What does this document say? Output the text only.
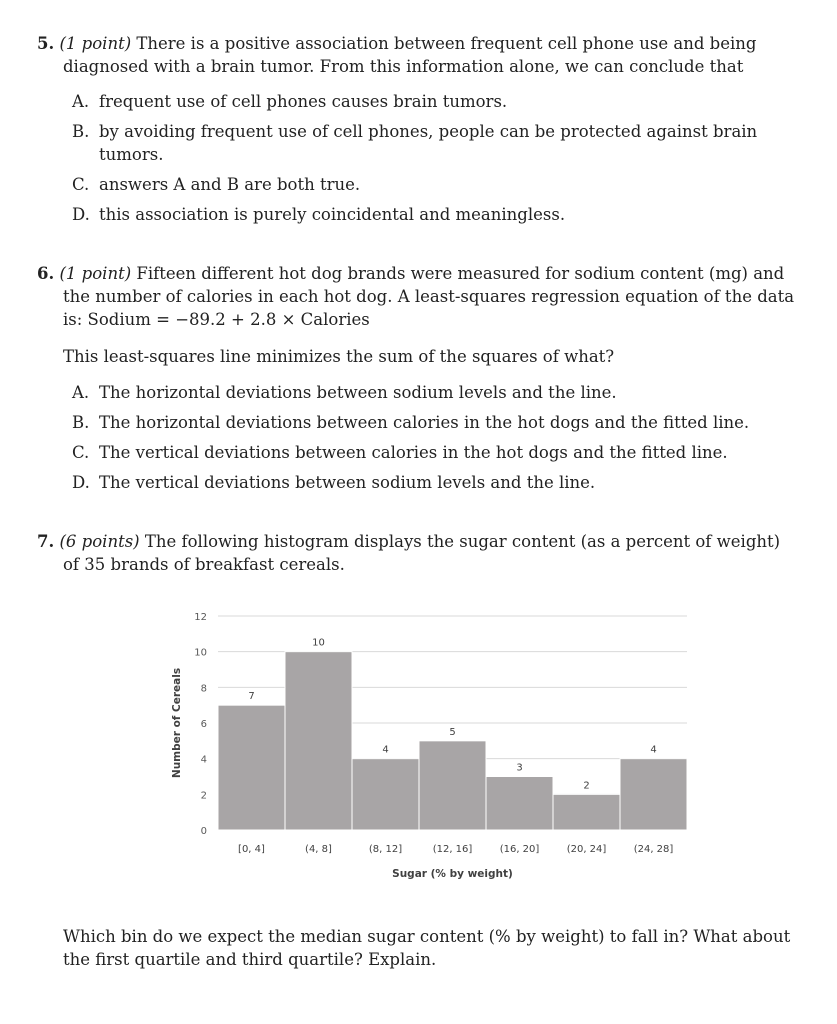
5. (1 point) There is a positive association between frequent cell phone use and being
diagnosed with a brain tumor. From this information alone, we can conclude that
A. frequent use of cell phones causes brain tumors.
B. by avoiding frequent use of cell phones, people can be protected against brain
tumors.
C. answers A and B are both true.
D. this association is purely coincidental and meaningless.
6. (1 point) Fifteen different hot dog brands were measured for sodium content (mg) and
the number of calories in each hot dog. A least-squares regression equation of the data
is: Sodium = −89.2 + 2.8 × Calories
This least-squares line minimizes the sum of the squares of what?
A. The horizontal deviations between sodium levels and the line.
B. The horizontal deviations between calories in the hot dogs and the fitted line.
C. The vertical deviations between calories in the hot dogs and the fitted line.
D. The vertical deviations between sodium levels and the line.
7. (6 points) The following histogram displays the sugar content (as a percent of weight)
of 35 brands of breakfast cereals.
0
2
4
6
8
10
12
7
[0, 4]
10
(4, 8]
4
(8, 12]
5
(12, 16]
3
(16, 20]
2
(20, 24]
4
(24, 28]
Sugar (% by weight)
Number of Cereals
Which bin do we expect the median sugar content (% by weight) to fall in? What about
the first quartile and third quartile? Explain.
